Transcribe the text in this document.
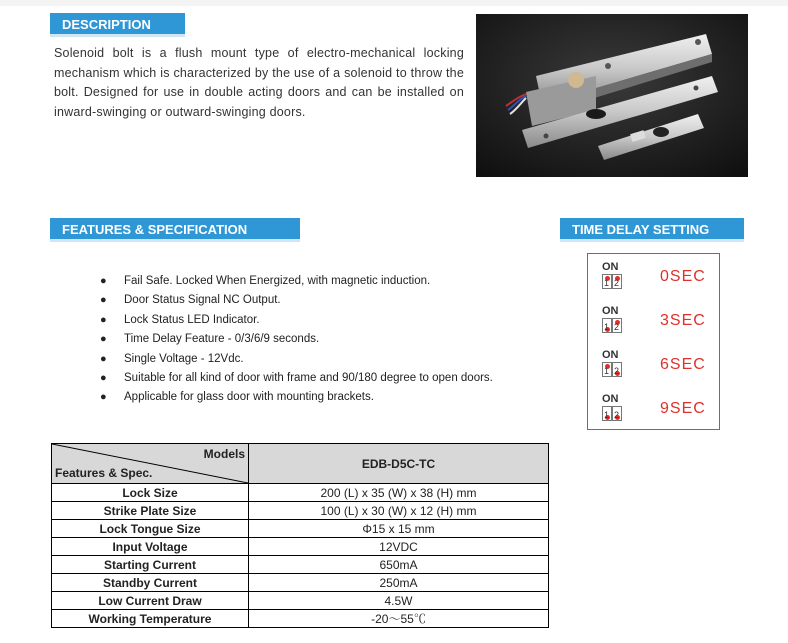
DESCRIPTION
Solenoid bolt is a flush mount type of electro-mechanical locking mechanism which is characterized by the use of a solenoid to throw the bolt. Designed for use in double acting doors and can be installed on inward-swinging or outward-swinging doors.
FEATURES & SPECIFICATION
● Fail Safe. Locked When Energized, with magnetic induction.
● Door Status Signal NC Output.
● Lock Status LED Indicator.
● Time Delay Feature - 0/3/6/9 seconds.
● Single Voltage - 12Vdc.
● Suitable for all kind of door with frame and 90/180 degree to open doors.
● Applicable for glass door with mounting brackets.
TIME DELAY SETTING
ON
1 2	0SEC
ON
1 2	3SEC
ON
1 2	6SEC
ON
1 2	9SEC
Models
Features & Spec.	EDB-D5C-TC
Lock Size	200 (L) x 35 (W) x 38 (H) mm
Strike Plate Size	100 (L) x 30 (W) x 12 (H) mm
Lock Tongue Size	Φ15 x 15 mm
Input Voltage	12VDC
Starting Current	650mA
Standby Current	250mA
Low Current Draw	4.5W
Working Temperature	-20～55℃
